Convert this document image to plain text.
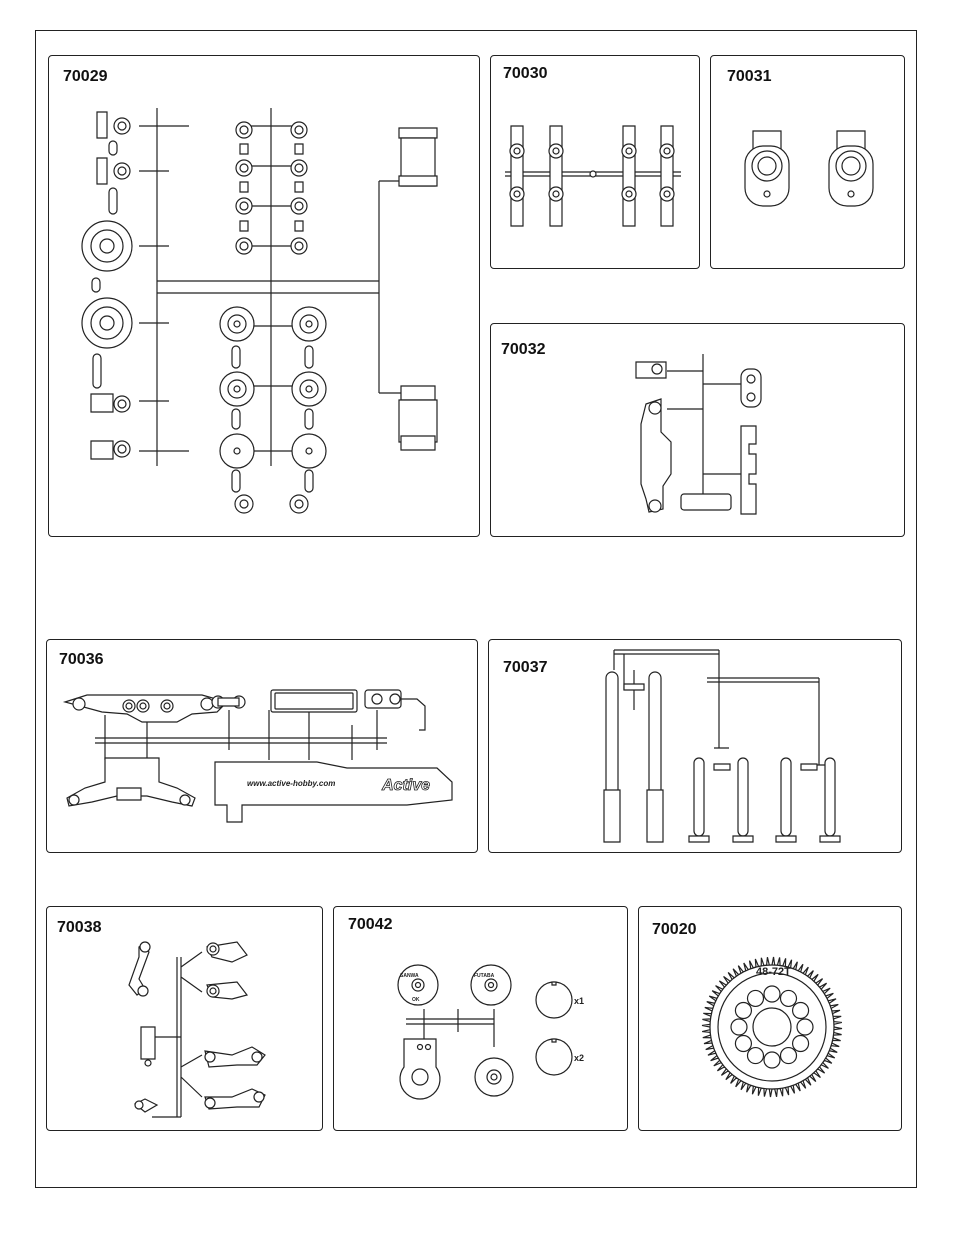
70029	70030	70031
70032
70036
www.active-hobby.com	Active
70037
70038	70042
SANWA
OK
FUTABA
x1
x2
70020
48-72T
